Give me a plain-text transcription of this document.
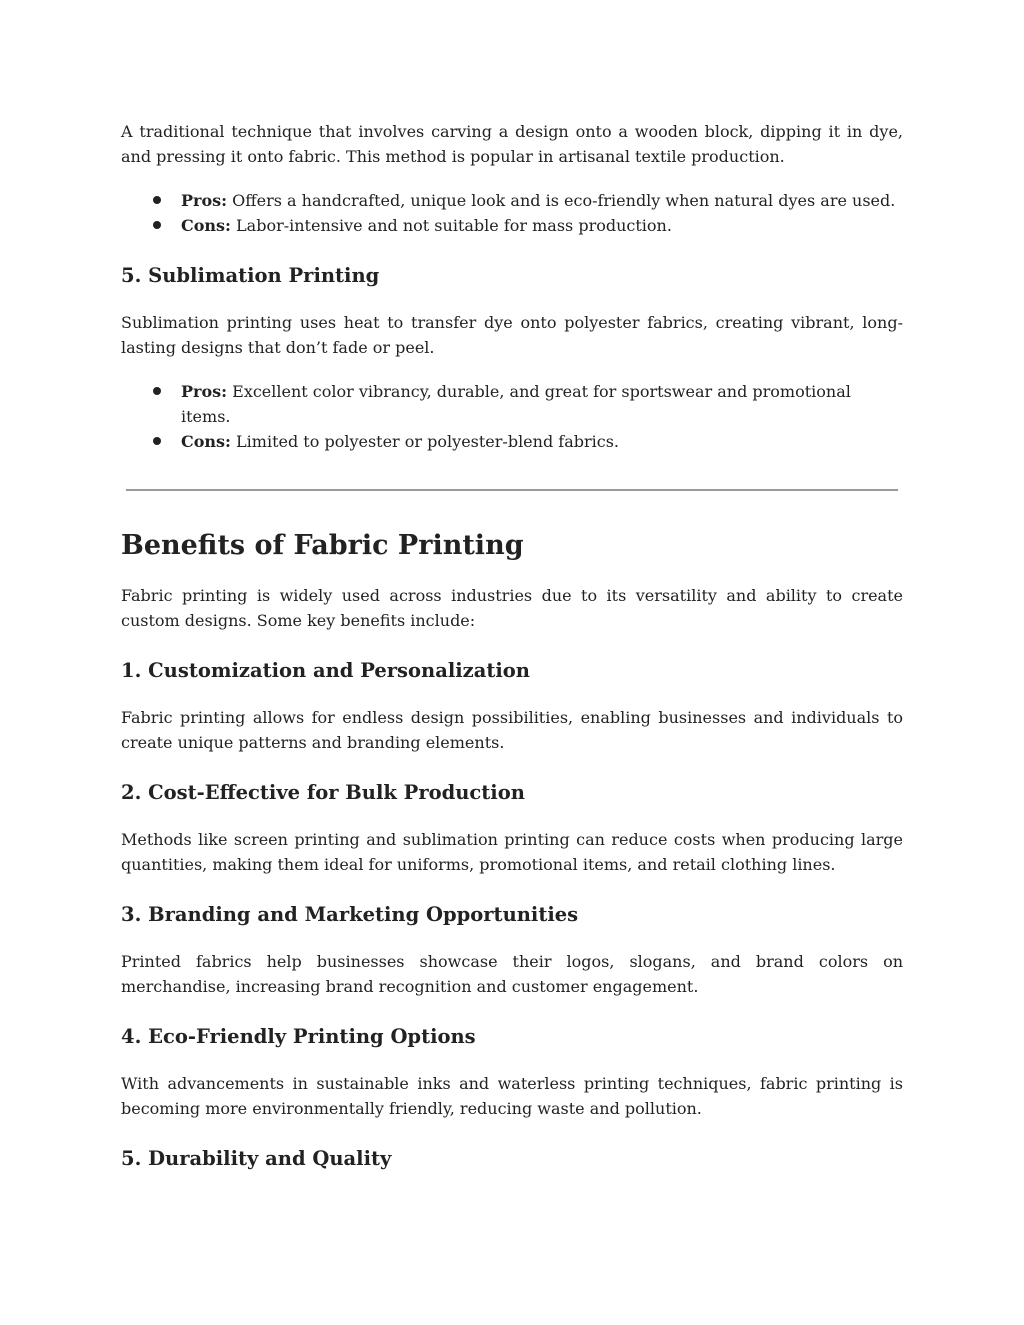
A traditional technique that involves carving a design onto a wooden block, dipping it in dye, and pressing it onto fabric. This method is popular in artisanal textile production.

Pros: Offers a handcrafted, unique look and is eco-friendly when natural dyes are used.
Cons: Labor-intensive and not suitable for mass production.
5. Sublimation Printing

Sublimation printing uses heat to transfer dye onto polyester fabrics, creating vibrant, long-lasting designs that don’t fade or peel.

Pros: Excellent color vibrancy, durable, and great for sportswear and promotional items.
Cons: Limited to polyester or polyester-blend fabrics.
Benefits of Fabric Printing

Fabric printing is widely used across industries due to its versatility and ability to create custom designs. Some key benefits include:

1. Customization and Personalization

Fabric printing allows for endless design possibilities, enabling businesses and individuals to create unique patterns and branding elements.

2. Cost-Effective for Bulk Production

Methods like screen printing and sublimation printing can reduce costs when producing large quantities, making them ideal for uniforms, promotional items, and retail clothing lines.

3. Branding and Marketing Opportunities

Printed fabrics help businesses showcase their logos, slogans, and brand colors on merchandise, increasing brand recognition and customer engagement.

4. Eco-Friendly Printing Options

With advancements in sustainable inks and waterless printing techniques, fabric printing is becoming more environmentally friendly, reducing waste and pollution.

5. Durability and Quality
